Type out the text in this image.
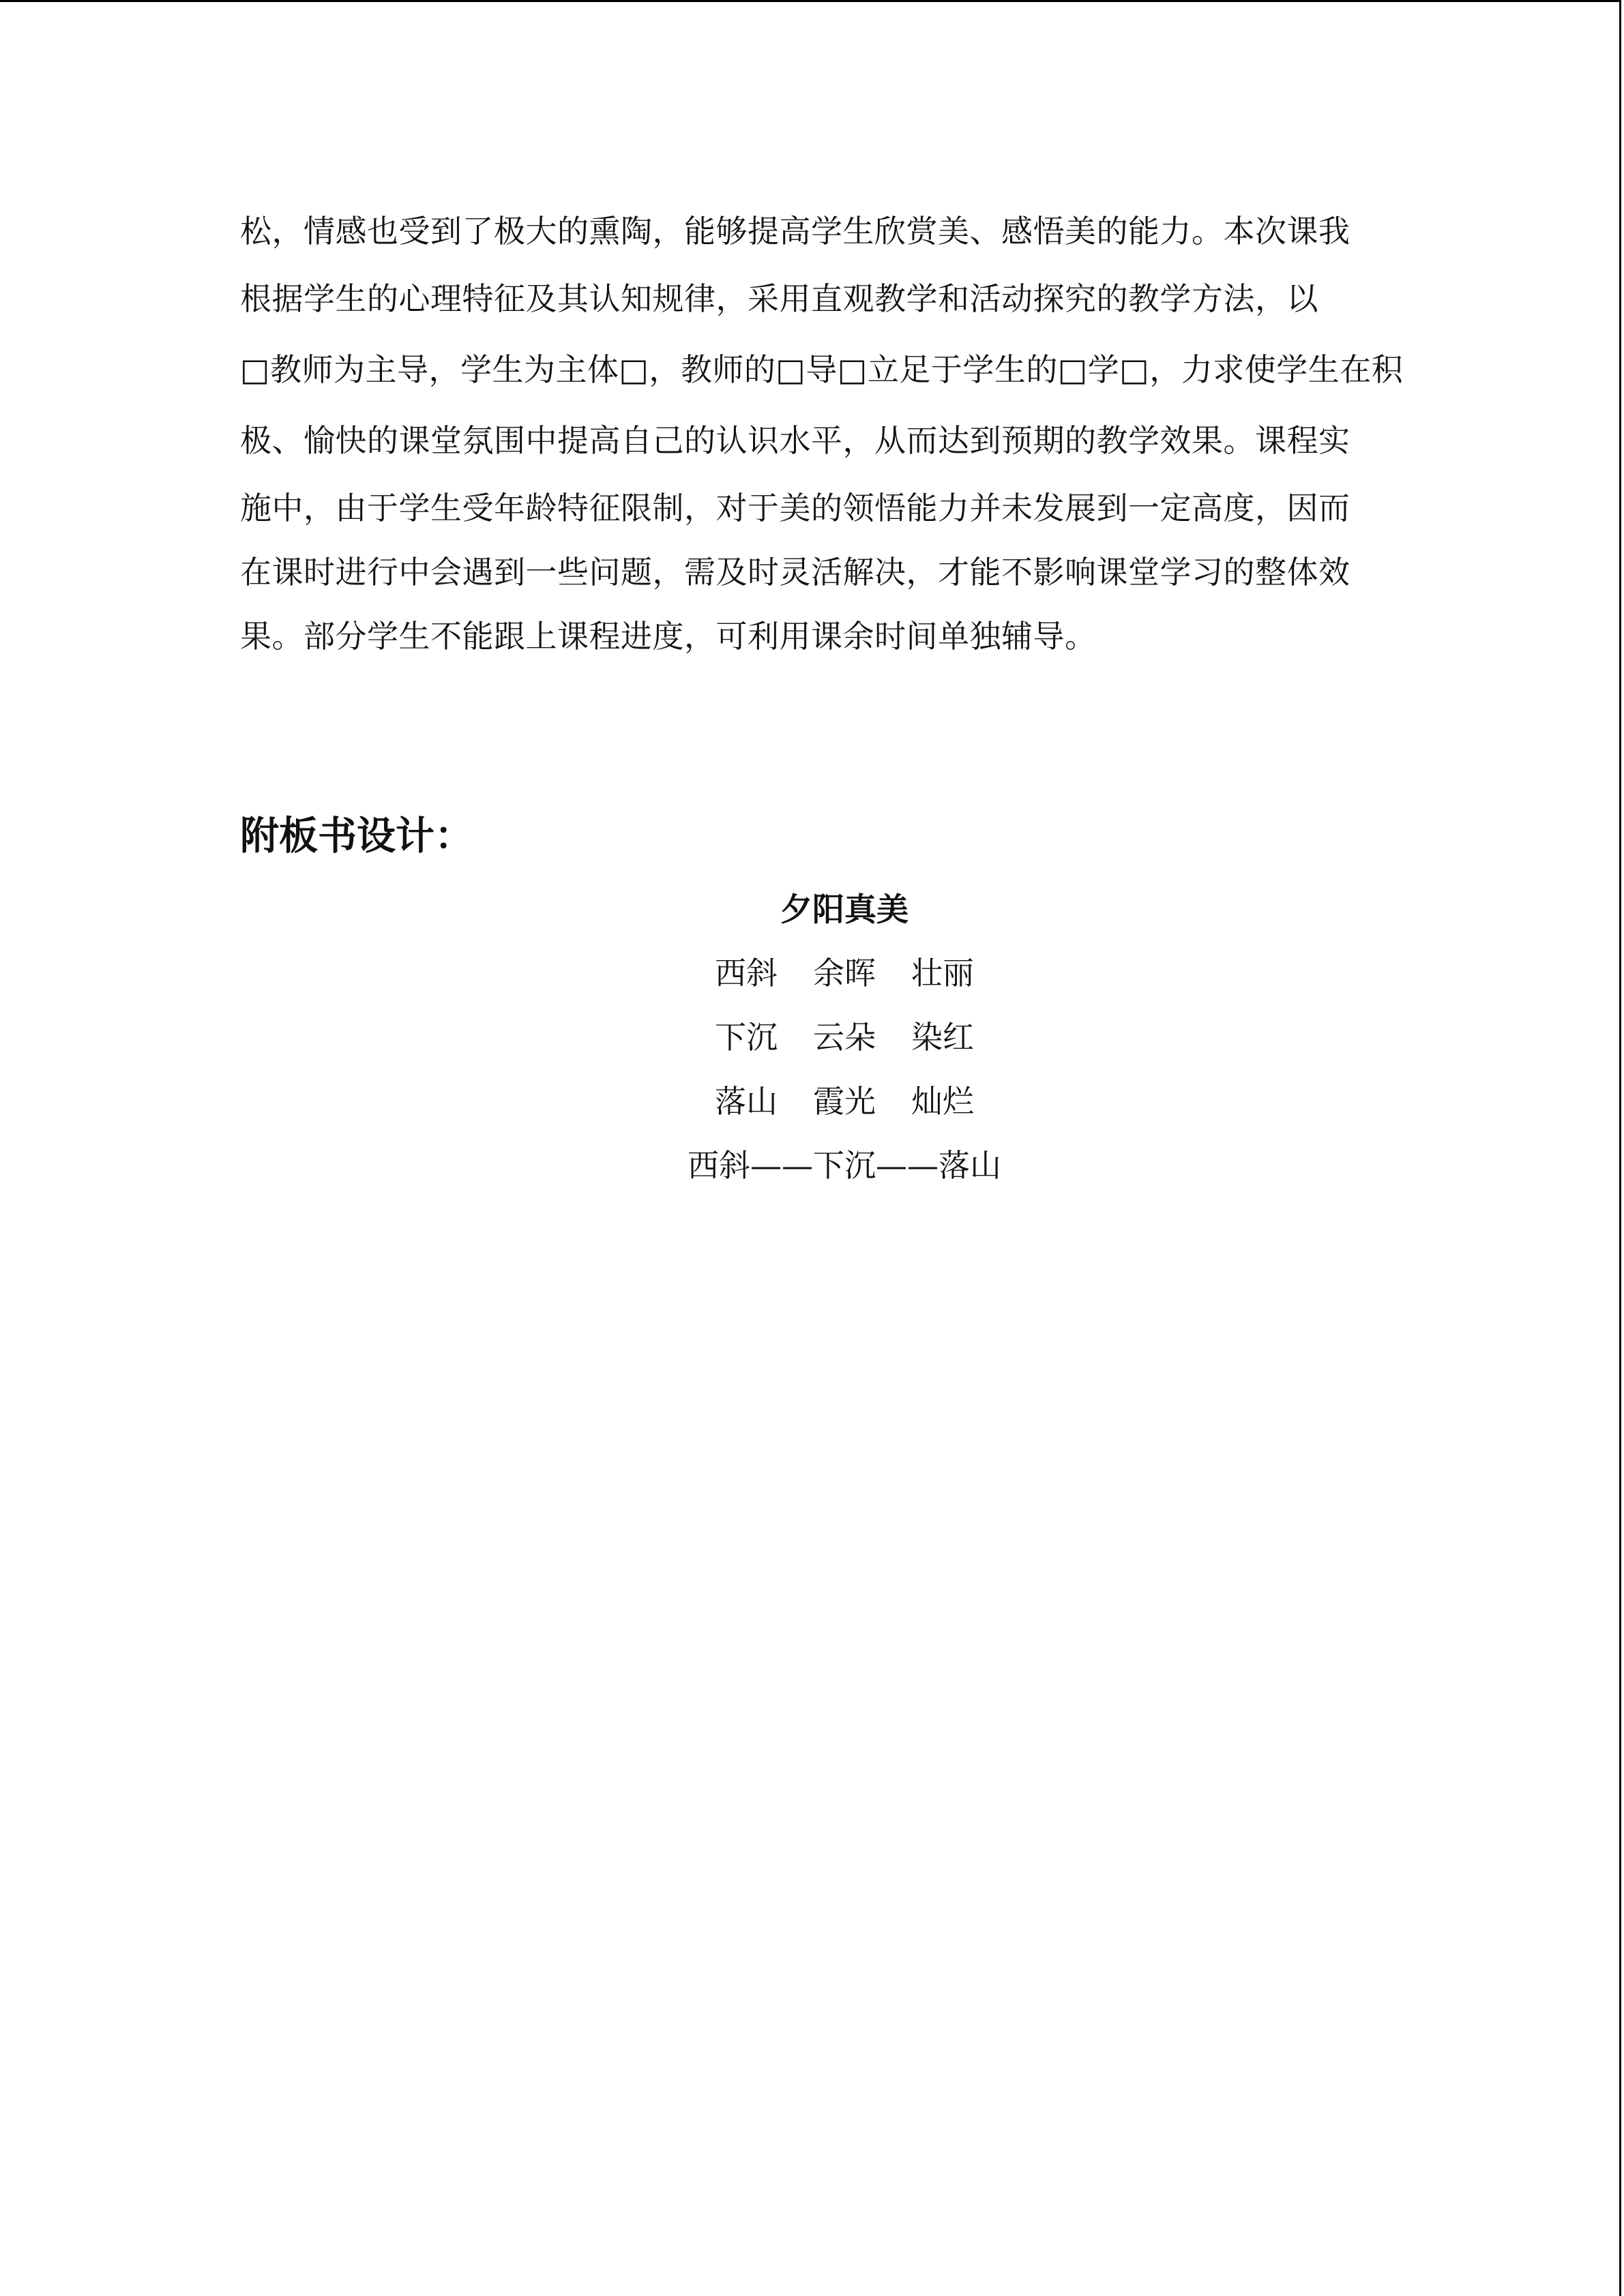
松，情感也受到了极大的熏陶，能够提高学生欣赏美、感悟美的能力。本次课我
根据学生的心理特征及其认知规律，采用直观教学和活动探究的教学方法，以
□教师为主导，学生为主体□，教师的□导□立足于学生的□学□，力求使学生在积
极、愉快的课堂氛围中提高自己的认识水平，从而达到预期的教学效果。课程实
施中，由于学生受年龄特征限制，对于美的领悟能力并未发展到一定高度，因而
在课时进行中会遇到一些问题，需及时灵活解决，才能不影响课堂学习的整体效
果。部分学生不能跟上课程进度，可利用课余时间单独辅导。
附板书设计：
夕阳真美
西斜	余晖	壮丽
下沉	云朵	染红
落山	霞光	灿烂
西斜——下沉——落山
